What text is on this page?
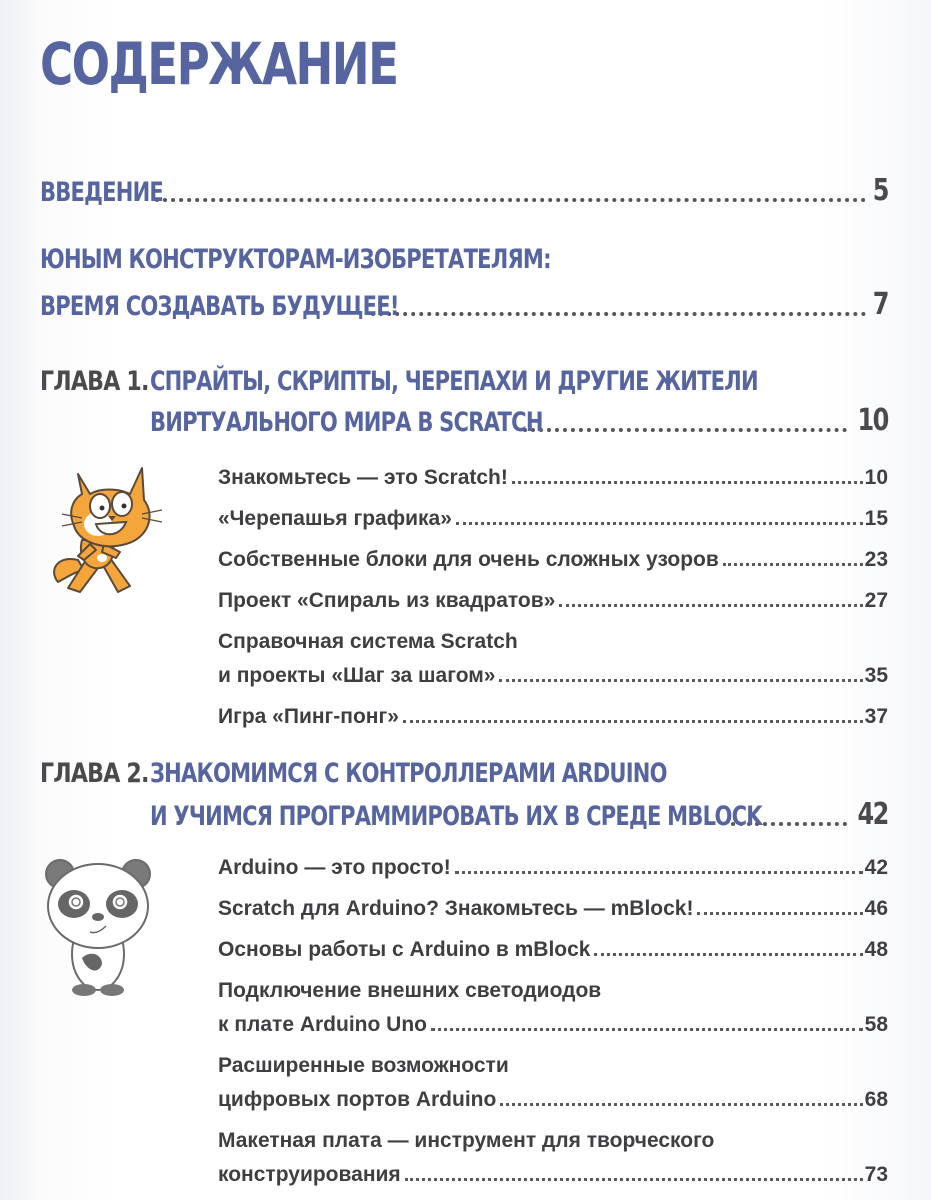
СОДЕРЖАНИЕ
ВВЕДЕНИЕ	5
ЮНЫМ КОНСТРУКТОРАМ-ИЗОБРЕТАТЕЛЯМ:
ВРЕМЯ СОЗДАВАТЬ БУДУЩЕЕ!	7
ГЛАВА 1. СПРАЙТЫ, СКРИПТЫ, ЧЕРЕПАХИ И ДРУГИЕ ЖИТЕЛИ
ВИРТУАЛЬНОГО МИРА В SCRATCH	10
Знакомьтесь — это Scratch!	10
«Черепашья графика»	15
Собственные блоки для очень сложных узоров	23
Проект «Спираль из квадратов»	27
Справочная система Scratch
и проекты «Шаг за шагом»	35
Игра «Пинг-понг»	37
ГЛАВА 2. ЗНАКОМИМСЯ С КОНТРОЛЛЕРАМИ ARDUINO
И УЧИМСЯ ПРОГРАММИРОВАТЬ ИХ В СРЕДЕ MBLOCK	42
Arduino — это просто!	42
Scratch для Arduino? Знакомьтесь — mBlock!	46
Основы работы с Arduino в mBlock	48
Подключение внешних светодиодов
к плате Arduino Uno	58
Расширенные возможности
цифровых портов Arduino	68
Макетная плата — инструмент для творческого
конструирования	73
